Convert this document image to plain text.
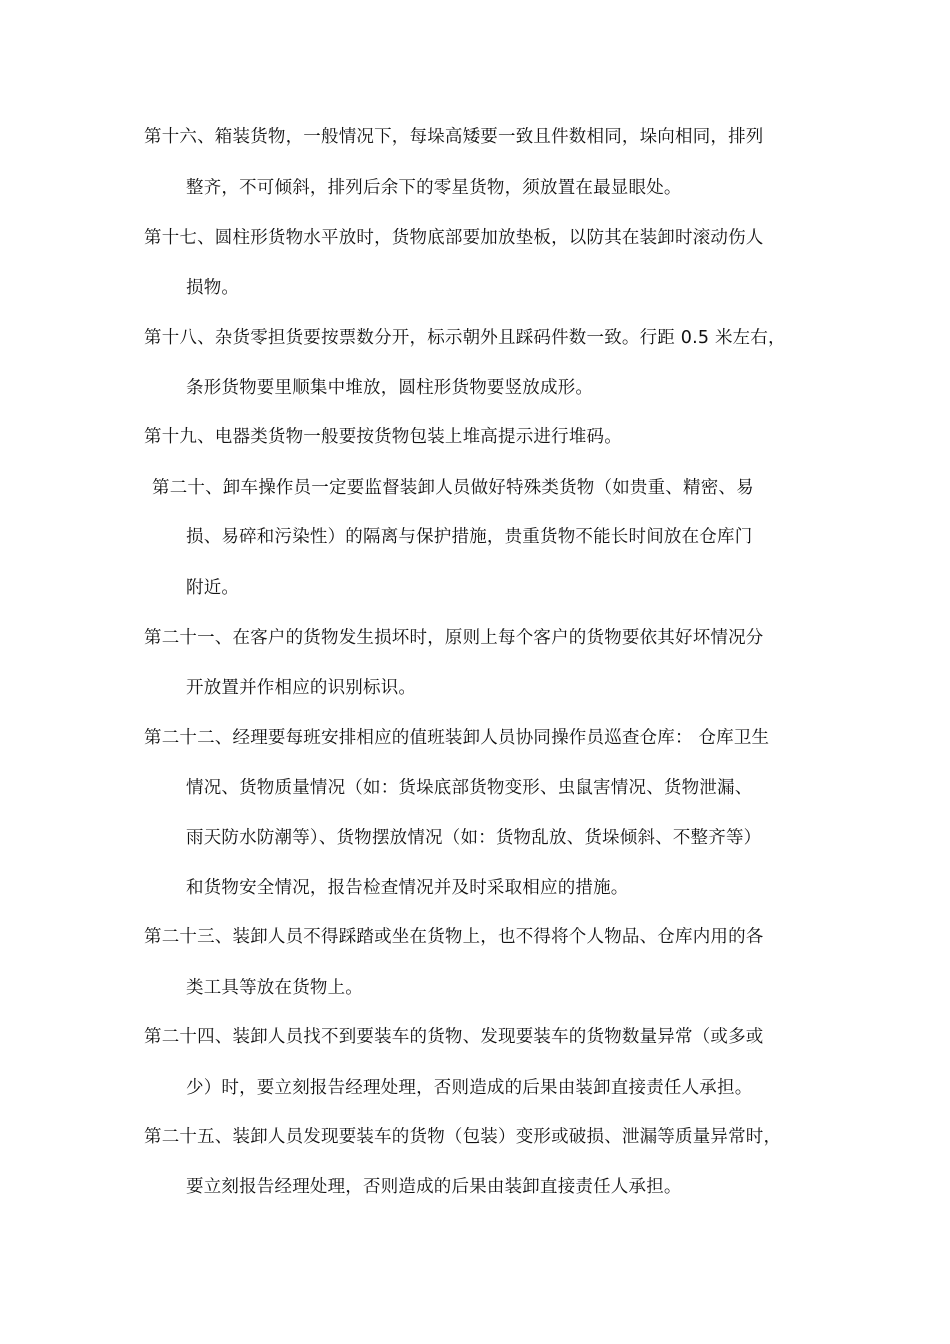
第十六、箱装货物，一般情况下，每垛高矮要一致且件数相同，垛向相同，排列
整齐，不可倾斜，排列后余下的零星货物，须放置在最显眼处。
第十七、圆柱形货物水平放时，货物底部要加放垫板，以防其在装卸时滚动伤人
损物。
第十八、杂货零担货要按票数分开，标示朝外且踩码件数一致。行距 0.5 米左右，
条形货物要里顺集中堆放，圆柱形货物要竖放成形。
第十九、电器类货物一般要按货物包装上堆高提示进行堆码。
第二十、卸车操作员一定要监督装卸人员做好特殊类货物（如贵重、精密、易
损、易碎和污染性）的隔离与保护措施，贵重货物不能长时间放在仓库门
附近。
第二十一、在客户的货物发生损坏时，原则上每个客户的货物要依其好坏情况分
开放置并作相应的识别标识。
第二十二、经理要每班安排相应的值班装卸人员协同操作员巡查仓库： 仓库卫生
情况、货物质量情况（如：货垛底部货物变形、虫鼠害情况、货物泄漏、
雨天防水防潮等）、货物摆放情况（如：货物乱放、货垛倾斜、不整齐等）
和货物安全情况，报告检查情况并及时采取相应的措施。
第二十三、装卸人员不得踩踏或坐在货物上，也不得将个人物品、仓库内用的各
类工具等放在货物上。
第二十四、装卸人员找不到要装车的货物、发现要装车的货物数量异常（或多或
少）时，要立刻报告经理处理，否则造成的后果由装卸直接责任人承担。
第二十五、装卸人员发现要装车的货物（包装）变形或破损、泄漏等质量异常时，
要立刻报告经理处理，否则造成的后果由装卸直接责任人承担。
